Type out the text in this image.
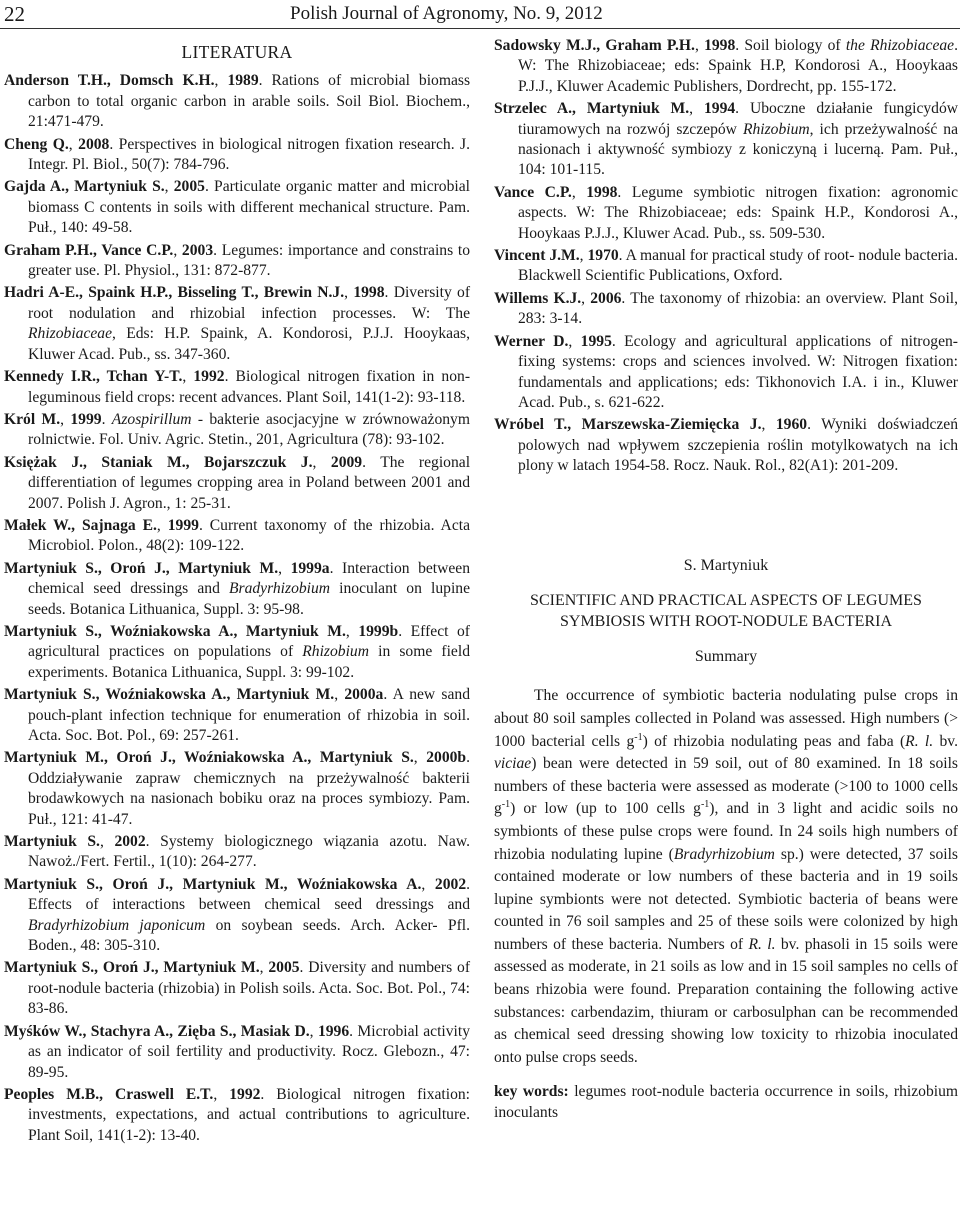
22	Polish Journal of Agronomy, No. 9, 2012
LITERATURA

Anderson T.H., Domsch K.H., 1989. Rations of microbial biomass carbon to total organic carbon in arable soils. Soil Biol. Biochem., 21:471-479.

Cheng Q., 2008. Perspectives in biological nitrogen fixation research. J. Integr. Pl. Biol., 50(7): 784-796.

Gajda A., Martyniuk S., 2005. Particulate organic matter and microbial biomass C contents in soils with different mechanical structure. Pam. Puł., 140: 49-58.

Graham P.H., Vance C.P., 2003. Legumes: importance and constrains to greater use. Pl. Physiol., 131: 872-877.

Hadri A-E., Spaink H.P., Bisseling T., Brewin N.J., 1998. Diversity of root nodulation and rhizobial infection processes. W: The Rhizobiaceae, Eds: H.P. Spaink, A. Kondorosi, P.J.J. Hooykaas, Kluwer Acad. Pub., ss. 347-360.

Kennedy I.R., Tchan Y-T., 1992. Biological nitrogen fixation in non-leguminous field crops: recent advances. Plant Soil, 141(1-2): 93-118.

Król M., 1999. Azospirillum - bakterie asocjacyjne w zrównoważonym rolnictwie. Fol. Univ. Agric. Stetin., 201, Agricultura (78): 93-102.

Księżak J., Staniak M., Bojarszczuk J., 2009. The regional differentiation of legumes cropping area in Poland between 2001 and 2007. Polish J. Agron., 1: 25-31.

Małek W., Sajnaga E., 1999. Current taxonomy of the rhizobia. Acta Microbiol. Polon., 48(2): 109-122.

Martyniuk S., Oroń J., Martyniuk M., 1999a. Interaction between chemical seed dressings and Bradyrhizobium inoculant on lupine seeds. Botanica Lithuanica, Suppl. 3: 95-98.

Martyniuk S., Woźniakowska A., Martyniuk M., 1999b. Effect of agricultural practices on populations of Rhizobium in some field experiments. Botanica Lithuanica, Suppl. 3: 99-102.

Martyniuk S., Woźniakowska A., Martyniuk M., 2000a. A new sand pouch-plant infection technique for enumeration of rhizobia in soil. Acta. Soc. Bot. Pol., 69: 257-261.

Martyniuk M., Oroń J., Woźniakowska A., Martyniuk S., 2000b. Oddziaływanie zapraw chemicznych na przeżywalność bakterii brodawkowych na nasionach bobiku oraz na proces symbiozy. Pam. Puł., 121: 41-47.

Martyniuk S., 2002. Systemy biologicznego wiązania azotu. Naw. Nawoż./Fert. Fertil., 1(10): 264-277.

Martyniuk S., Oroń J., Martyniuk M., Woźniakowska A., 2002. Effects of interactions between chemical seed dressings and Bradyrhizobium japonicum on soybean seeds. Arch. Acker- Pfl. Boden., 48: 305-310.

Martyniuk S., Oroń J., Martyniuk M., 2005. Diversity and numbers of root-nodule bacteria (rhizobia) in Polish soils. Acta. Soc. Bot. Pol., 74: 83-86.

Myśków W., Stachyra A., Zięba S., Masiak D., 1996. Microbial activity as an indicator of soil fertility and productivity. Rocz. Glebozn., 47: 89-95.

Peoples M.B., Craswell E.T., 1992. Biological nitrogen fixation: investments, expectations, and actual contributions to agriculture. Plant Soil, 141(1-2): 13-40.

Sadowsky M.J., Graham P.H., 1998. Soil biology of the Rhizobiaceae. W: The Rhizobiaceae; eds: Spaink H.P, Kondorosi A., Hooykaas P.J.J., Kluwer Academic Publishers, Dordrecht, pp. 155-172.

Strzelec A., Martyniuk M., 1994. Uboczne działanie fungicydów tiuramowych na rozwój szczepów Rhizobium, ich przeżywalność na nasionach i aktywność symbiozy z koniczyną i lucerną. Pam. Puł., 104: 101-115.

Vance C.P., 1998. Legume symbiotic nitrogen fixation: agronomic aspects. W: The Rhizobiaceae; eds: Spaink H.P., Kondorosi A., Hooykaas P.J.J., Kluwer Acad. Pub., ss. 509-530.

Vincent J.M., 1970. A manual for practical study of root- nodule bacteria. Blackwell Scientific Publications, Oxford.

Willems K.J., 2006. The taxonomy of rhizobia: an overview. Plant Soil, 283: 3-14.

Werner D., 1995. Ecology and agricultural applications of nitrogen-fixing systems: crops and sciences involved. W: Nitrogen fixation: fundamentals and applications; eds: Tikhonovich I.A. i in., Kluwer Acad. Pub., s. 621-622.

Wróbel T., Marszewska-Ziemięcka J., 1960. Wyniki doświadczeń polowych nad wpływem szczepienia roślin motylkowatych na ich plony w latach 1954-58. Rocz. Nauk. Rol., 82(A1): 201-209.

S. Martyniuk
SCIENTIFIC AND PRACTICAL ASPECTS OF LEGUMES
SYMBIOSIS WITH ROOT-NODULE BACTERIA
Summary

The occurrence of symbiotic bacteria nodulating pulse crops in about 80 soil samples collected in Poland was assessed. High numbers (> 1000 bacterial cells $g^{-1}$) of rhizobia nodulating peas and faba (R. l. bv. viciae) bean were detected in 59 soil, out of 80 examined. In 18 soils numbers of these bacteria were assessed as moderate (>100 to 1000 cells $g^{-1}$) or low (up to 100 cells $g^{-1}$), and in 3 light and acidic soils no symbionts of these pulse crops were found. In 24 soils high numbers of rhizobia nodulating lupine (Bradyrhizobium sp.) were detected, 37 soils contained moderate or low numbers of these bacteria and in 19 soils lupine symbionts were not detected. Symbiotic bacteria of beans were counted in 76 soil samples and 25 of these soils were colonized by high numbers of these bacteria. Numbers of R. l. bv. phasoli in 15 soils were assessed as moderate, in 21 soils as low and in 15 soil samples no cells of beans rhizobia were found. Preparation containing the following active substances: carbendazim, thiuram or carbosulphan can be recommended as chemical seed dressing showing low toxicity to rhizobia inoculated onto pulse crops seeds.

key words: legumes root-nodule bacteria occurrence in soils, rhizobium inoculants
